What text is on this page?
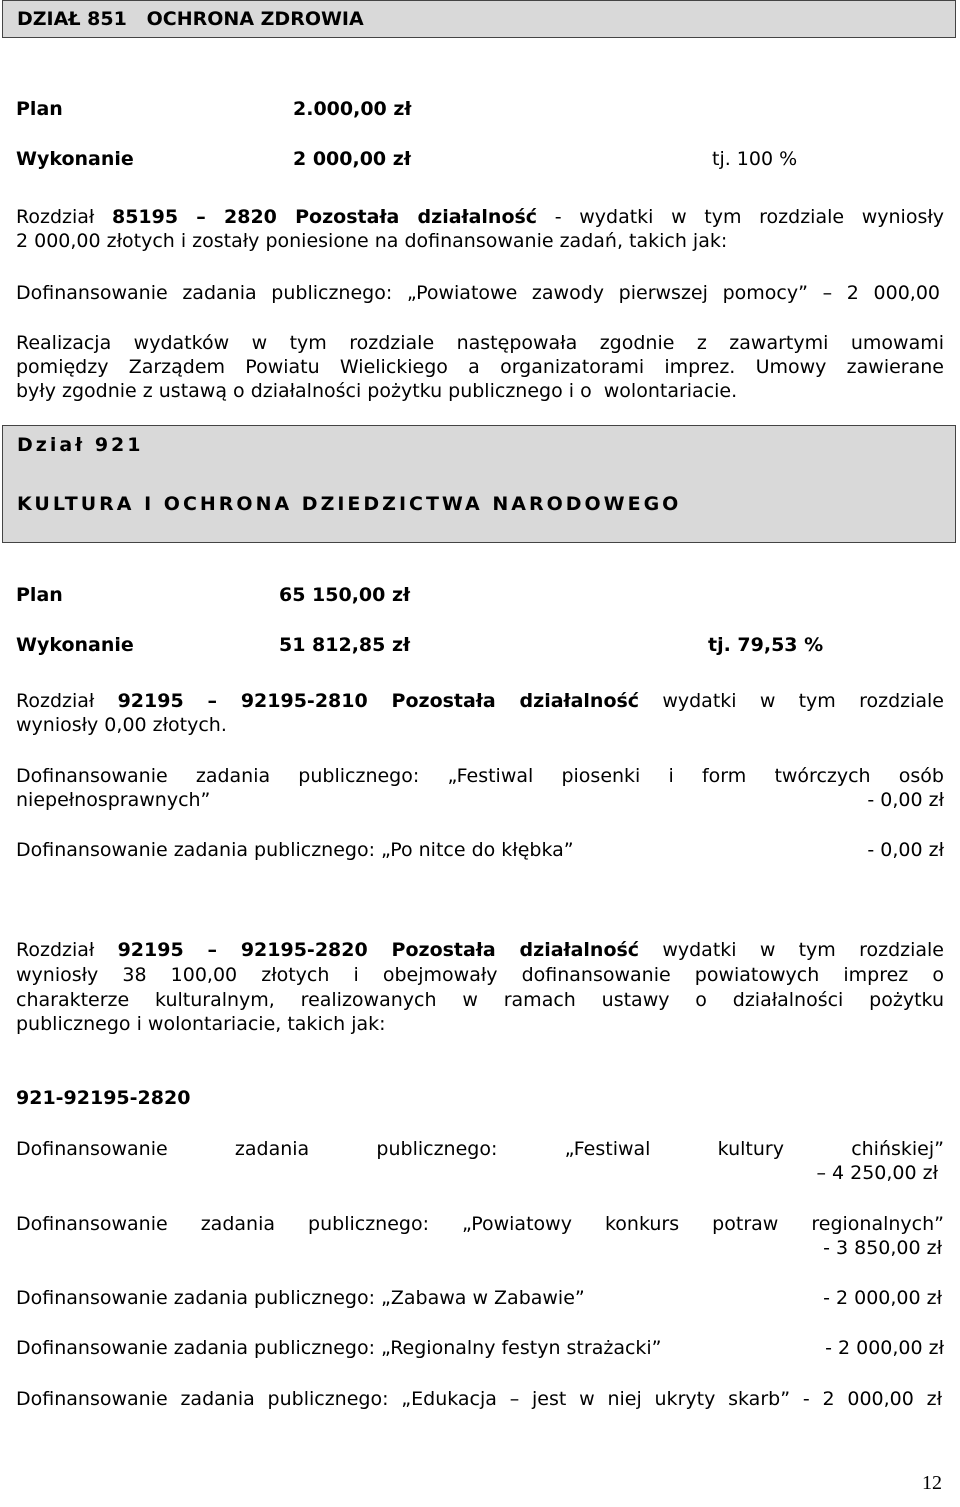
DZIAŁ 851   OCHRONA ZDROWIA
Plan	2.000,00 zł
Wykonanie	2 000,00 zł	tj. 100 %
Rozdział 85195 – 2820 Pozostała działalność - wydatki w tym rozdziale wyniosły
2 000,00 złotych i zostały poniesione na dofinansowanie zadań, takich jak:
Dofinansowanie zadania publicznego: „Powiatowe zawody pierwszej pomocy” – 2 000,00
Realizacja wydatków w tym rozdziale następowała zgodnie z zawartymi umowami
pomiędzy Zarządem Powiatu Wielickiego a organizatorami imprez. Umowy zawierane
były zgodnie z ustawą o działalności pożytku publicznego i o  wolontariacie.
Dział 921
KULTURA I OCHRONA DZIEDZICTWA NARODOWEGO
Plan	65 150,00 zł
Wykonanie	51 812,85 zł	tj. 79,53 %
Rozdział 92195 – 92195-2810 Pozostała działalność wydatki w tym rozdziale
wyniosły 0,00 złotych.
Dofinansowanie zadania publicznego: „Festiwal piosenki i form twórczych osób
niepełnosprawnych”	- 0,00 zł
Dofinansowanie zadania publicznego: „Po nitce do kłębka”	- 0,00 zł
Rozdział 92195 – 92195-2820 Pozostała działalność wydatki w tym rozdziale
wyniosły 38 100,00 złotych i obejmowały dofinansowanie powiatowych imprez o
charakterze kulturalnym, realizowanych w ramach ustawy o działalności pożytku
publicznego i wolontariacie, takich jak:
921-92195-2820
Dofinansowanie zadania publicznego: „Festiwal kultury chińskiej”
– 4 250,00 zł
Dofinansowanie zadania publicznego: „Powiatowy konkurs potraw regionalnych”
- 3 850,00 zł
Dofinansowanie zadania publicznego: „Zabawa w Zabawie”	- 2 000,00 zł
Dofinansowanie zadania publicznego: „Regionalny festyn strażacki”	- 2 000,00 zł
Dofinansowanie zadania publicznego: „Edukacja – jest w niej ukryty skarb” - 2 000,00 zł
12
